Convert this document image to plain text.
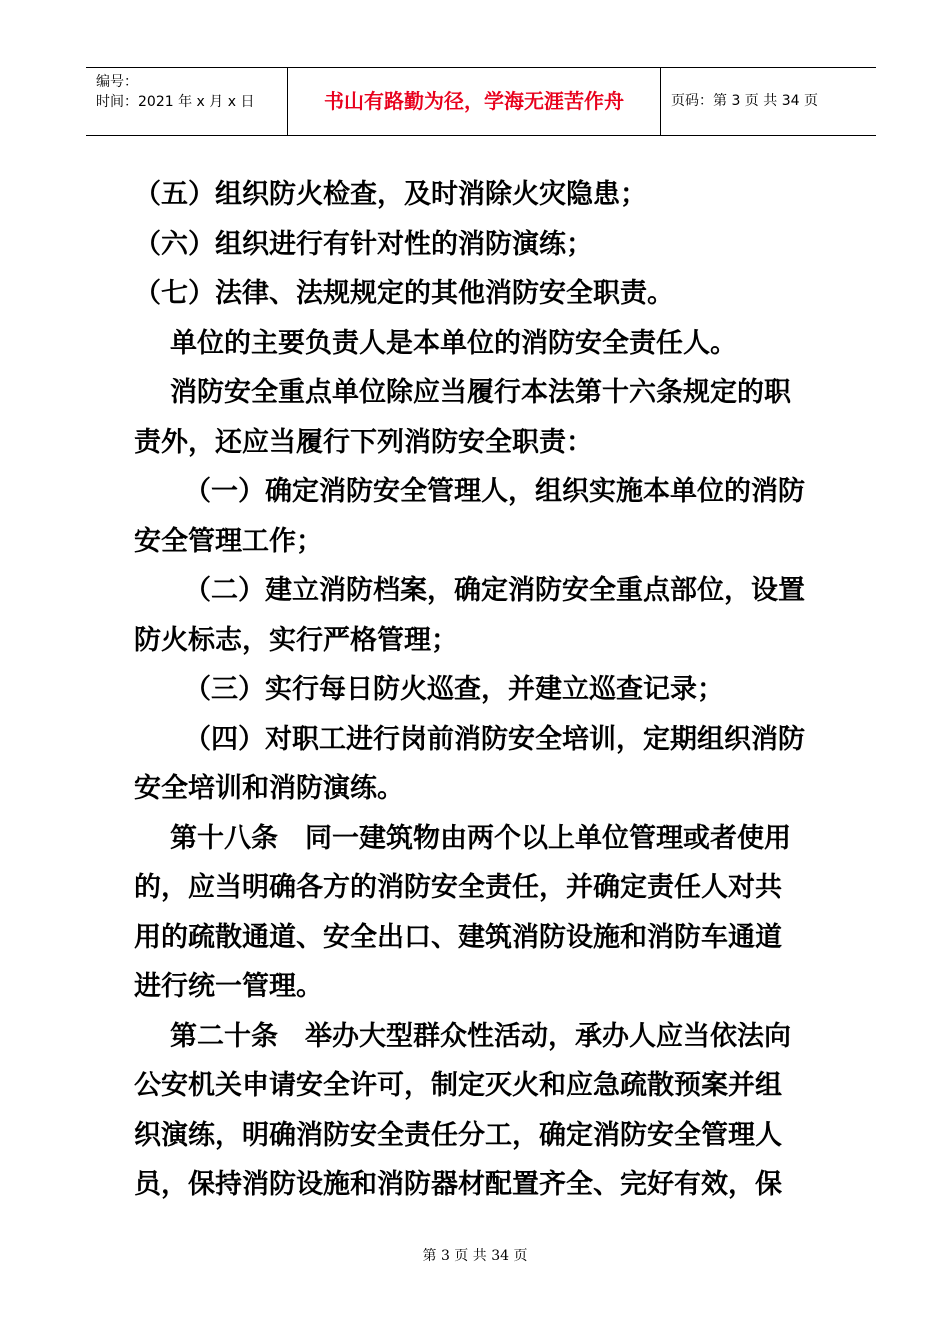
编号：
时间：2021 年 x 月 x 日	书山有路勤为径，学海无涯苦作舟	页码：第 3 页 共 34 页

（五）组织防火检查，及时消除火灾隐患；

（六）组织进行有针对性的消防演练；

（七）法律、法规规定的其他消防安全职责。

单位的主要负责人是本单位的消防安全责任人。

消防安全重点单位除应当履行本法第十六条规定的职

责外，还应当履行下列消防安全职责：

（一）确定消防安全管理人，组织实施本单位的消防

安全管理工作；

（二）建立消防档案，确定消防安全重点部位，设置

防火标志，实行严格管理；

（三）实行每日防火巡查，并建立巡查记录；

（四）对职工进行岗前消防安全培训，定期组织消防

安全培训和消防演练。

第十八条　同一建筑物由两个以上单位管理或者使用

的，应当明确各方的消防安全责任，并确定责任人对共

用的疏散通道、安全出口、建筑消防设施和消防车通道

进行统一管理。

第二十条　举办大型群众性活动，承办人应当依法向

公安机关申请安全许可，制定灭火和应急疏散预案并组

织演练，明确消防安全责任分工，确定消防安全管理人

员，保持消防设施和消防器材配置齐全、完好有效，保

第 3 页 共 34 页
